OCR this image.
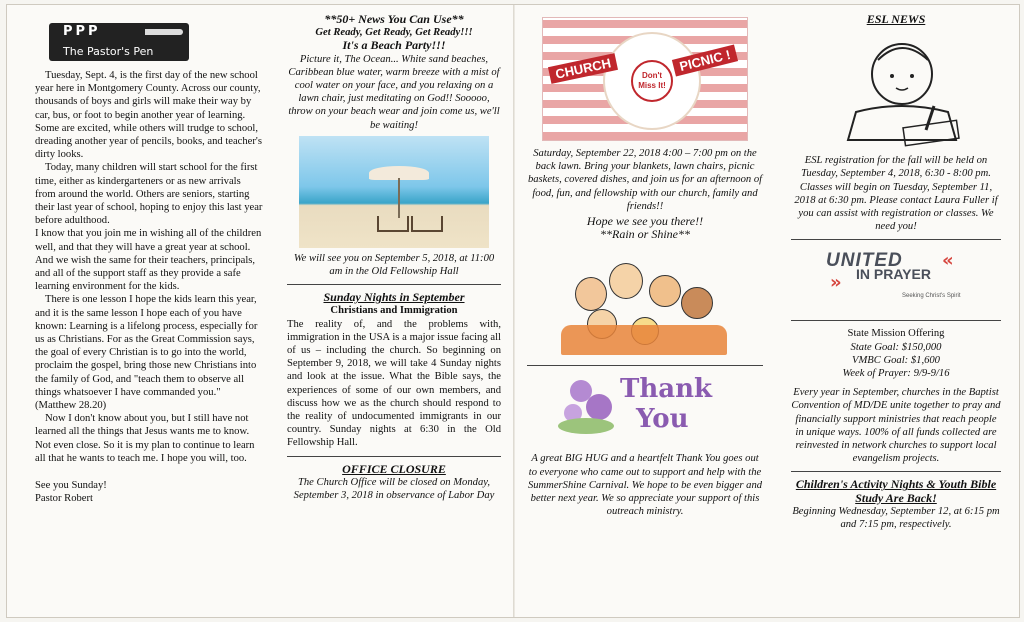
PPP
The Pastor's Pen

Tuesday, Sept. 4, is the first day of the new school year here in Montgomery County. Across our county, thousands of boys and girls will make their way by car, bus, or foot to begin another year of learning. Some are excited, while others will trudge to school, dreading another year of pencils, books, and teacher's dirty looks.

Today, many children will start school for the first time, either as kindergarteners or as new arrivals from around the world. Others are seniors, starting their last year of school, hoping to enjoy this last year before adulthood.

I know that you join me in wishing all of the children well, and that they will have a great year at school. And we wish the same for their teachers, principals, and all of the support staff as they provide a safe learning environment for the kids.

There is one lesson I hope the kids learn this year, and it is the same lesson I hope each of you have known: Learning is a lifelong process, especially for us as Christians. For as the Great Commission says, the goal of every Christian is to go into the world, proclaim the gospel, bring those new Christians into the family of God, and "teach them to observe all things whatsoever I have commanded you." (Matthew 28.20)

Now I don't know about you, but I still have not learned all the things that Jesus wants me to know. Not even close. So it is my plan to continue to learn all that he wants to teach me. I hope you will, too.

See you Sunday!
Pastor Robert
**50+ News You Can Use**
Get Ready, Get Ready, Get Ready!!!
It's a Beach Party!!!
Picture it, The Ocean... White sand beaches, Caribbean blue water, warm breeze with a mist of cool water on your face, and you relaxing on a lawn chair, just meditating on God!! Sooooo, throw on your beach wear and join come us, we'll be waiting!
We will see you on September 5, 2018, at 11:00 am in the Old Fellowship Hall
Sunday Nights in September
Christians and Immigration
The reality of, and the problems with, immigration in the USA is a major issue facing all of us – including the church. So beginning on September 9, 2018, we will take 4 Sunday nights and look at the issue. What the Bible says, the experiences of some of our own members, and discuss how we as the church should respond to the reality of undocumented immigrants in our country. Sunday nights at 6:30 in the Old Fellowship Hall.
OFFICE CLOSURE
The Church Office will be closed on Monday, September 3, 2018 in observance of Labor Day
CHURCH	PICNIC !
Don't Miss It!
Saturday, September 22, 2018 4:00 – 7:00 pm on the back lawn. Bring your blankets, lawn chairs, picnic baskets, covered dishes, and join us for an afternoon of food, fun, and fellowship with our church, family and friends!!
Hope we see you there!!
**Rain or Shine**
Thank
You
A great BIG HUG and a heartfelt Thank You goes out to everyone who came out to support and help with the SummerShine Carnival. We hope to be even bigger and better next year. We so appreciate your support of this outreach ministry.
ESL NEWS
ESL registration for the fall will be held on Tuesday, September 4, 2018, 6:30 - 8:00 pm. Classes will begin on Tuesday, September 11, 2018 at 6:30 pm. Please contact Laura Fuller if you can assist with registration or classes. We need you!
UNITED
IN PRAYER
«
»
Seeking Christ's Spirit
State Mission Offering
State Goal: $150,000
VMBC Goal: $1,600
Week of Prayer: 9/9-9/16
Every year in September, churches in the Baptist Convention of MD/DE unite together to pray and financially support ministries that reach people in unique ways. 100% of all funds collected are reinvested in network churches to support local evangelism projects.
Children's Activity Nights & Youth Bible Study Are Back!
Beginning Wednesday, September 12, at 6:15 pm and 7:15 pm, respectively.
